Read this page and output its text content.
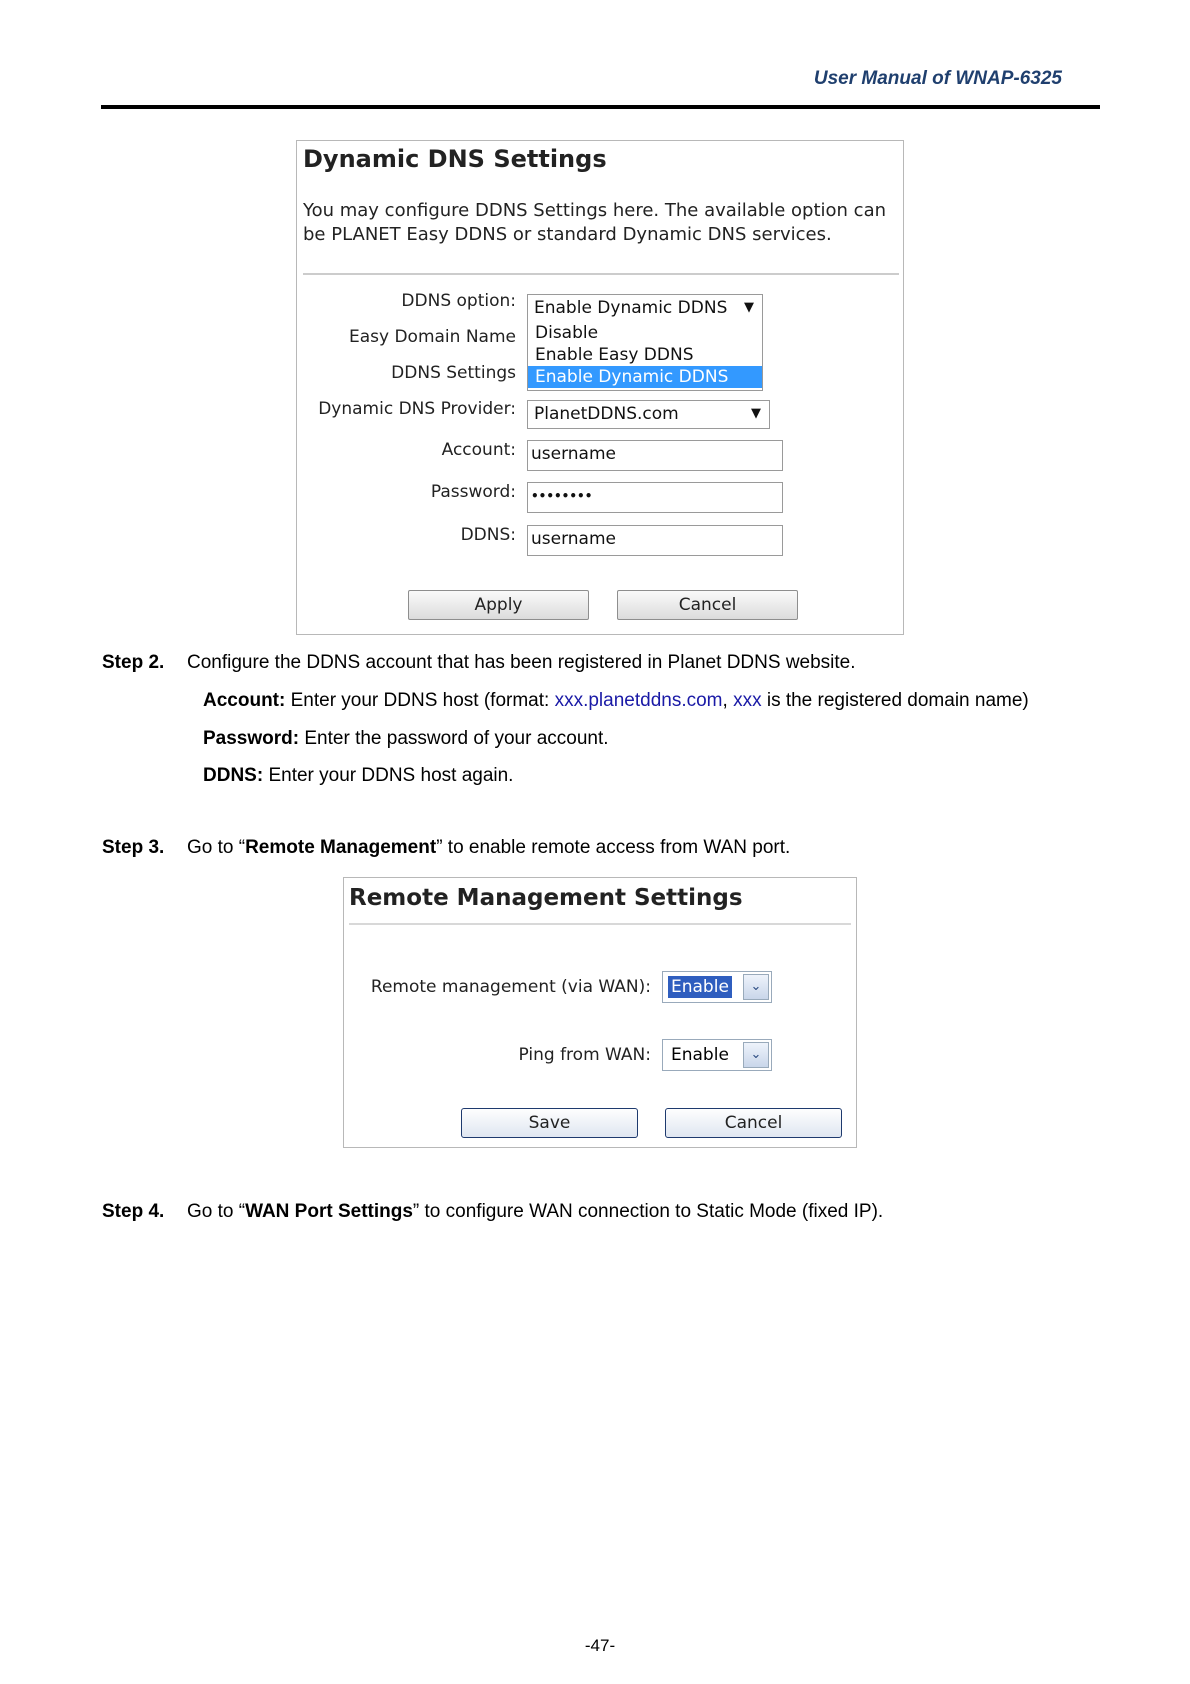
User Manual of WNAP-6325
Dynamic DNS Settings
You may configure DDNS Settings here. The available option can be PLANET Easy DDNS or standard Dynamic DNS services.
DDNS option:	Enable Dynamic DDNS ▼
Disable
Enable Easy DDNS
Enable Dynamic DDNS
Easy Domain Name
DDNS Settings
Dynamic DNS Provider:	PlanetDDNS.com	▼
Account: username
Password:	••••••••
DDNS: username
Apply	Cancel
Step 2. Configure the DDNS account that has been registered in Planet DDNS website.
Account: Enter your DDNS host (format: xxx.planetddns.com, xxx is the registered domain name)
Password: Enter the password of your account.
DDNS: Enter your DDNS host again.
Step 3. Go to “Remote Management” to enable remote access from WAN port.
Remote Management Settings
Remote management (via WAN): Enable	⌄
Ping from WAN: Enable	⌄
Save	Cancel
Step 4. Go to “WAN Port Settings” to configure WAN connection to Static Mode (fixed IP).
-47-
